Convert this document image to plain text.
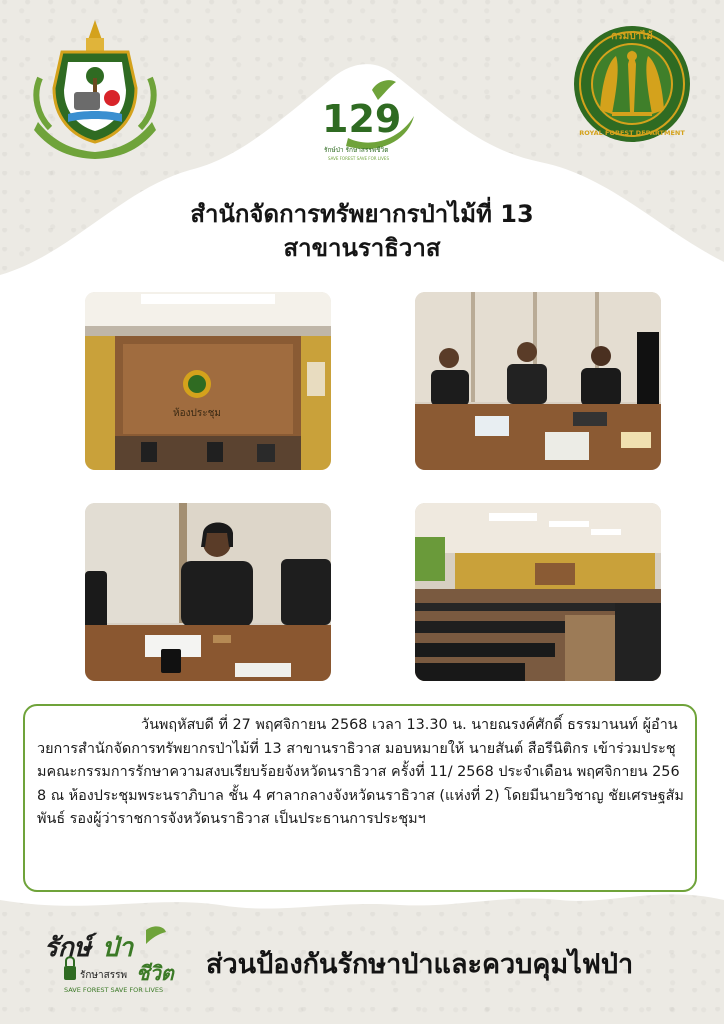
129
รักษ์ป่า รักษาสรรพชีวิต
SAVE FOREST SAVE FOR LIVES
กรมป่าไม้
ROYAL FOREST DEPARTMENT
สำนักจัดการทรัพยากรป่าไม้ที่ 13
สาขานราธิวาส
ห้องประชุม

วันพฤหัสบดี ที่ 27 พฤศจิกายน 2568 เวลา 13.30 น. นายณรงค์ศักดิ์ ธรรมานนท์ ผู้อำนวยการสำนักจัดการทรัพยากรป่าไม้ที่ 13 สาขานราธิวาส มอบหมายให้ นายสันต์ สือรีนิติกร เข้าร่วมประชุมคณะกรรมการรักษาความสงบเรียบร้อยจังหวัดนราธิวาส ครั้งที่ 11/ 2568 ประจำเดือน พฤศจิกายน 2568 ณ ห้องประชุมพระนราภิบาล ชั้น 4 ศาลากลางจังหวัดนราธิวาส (แห่งที่ 2) โดยมีนายวิชาญ ชัยเศรษฐสัมพันธ์ รองผู้ว่าราชการจังหวัดนราธิวาส เป็นประธานการประชุมฯ

รักษ์ ป่า
รักษาสรรพ ชีวิต
SAVE FOREST SAVE FOR LIVES
ส่วนป้องกันรักษาป่าและควบคุมไฟป่า
